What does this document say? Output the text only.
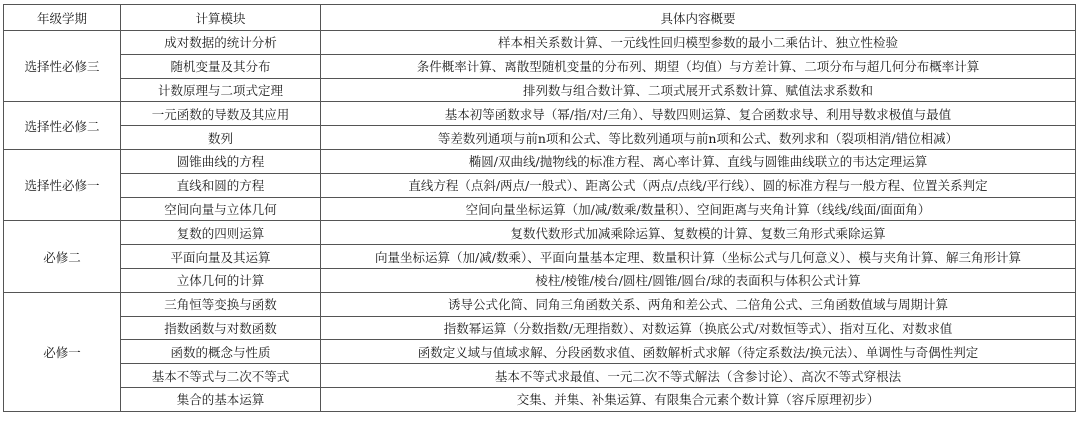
年级学期	计算模块	具体内容概要
选择性必修三	成对数据的统计分析	样本相关系数计算、一元线性回归模型参数的最小二乘估计、独立性检验
	随机变量及其分布	条件概率计算、离散型随机变量的分布列、期望（均值）与方差计算、二项分布与超几何分布概率计算
	计数原理与二项式定理	排列数与组合数计算、二项式展开式系数计算、赋值法求系数和
选择性必修二	一元函数的导数及其应用	基本初等函数求导（幂/指/对/三角）、导数四则运算、复合函数求导、利用导数求极值与最值
	数列	等差数列通项与前n项和公式、等比数列通项与前n项和公式、数列求和（裂项相消/错位相减）
选择性必修一	圆锥曲线的方程	椭圆/双曲线/抛物线的标准方程、离心率计算、直线与圆锥曲线联立的韦达定理运算
	直线和圆的方程	直线方程（点斜/两点/一般式）、距离公式（两点/点线/平行线）、圆的标准方程与一般方程、位置关系判定
	空间向量与立体几何	空间向量坐标运算（加/减/数乘/数量积）、空间距离与夹角计算（线线/线面/面面角）
必修二	复数的四则运算	复数代数形式加减乘除运算、复数模的计算、复数三角形式乘除运算
	平面向量及其运算	向量坐标运算（加/减/数乘）、平面向量基本定理、数量积计算（坐标公式与几何意义）、模与夹角计算、解三角形计算
	立体几何的计算	棱柱/棱锥/棱台/圆柱/圆锥/圆台/球的表面积与体积公式计算
必修一	三角恒等变换与函数	诱导公式化简、同角三角函数关系、两角和差公式、二倍角公式、三角函数值域与周期计算
	指数函数与对数函数	指数幂运算（分数指数/无理指数）、对数运算（换底公式/对数恒等式）、指对互化、对数求值
	函数的概念与性质	函数定义域与值域求解、分段函数求值、函数解析式求解（待定系数法/换元法）、单调性与奇偶性判定
	基本不等式与二次不等式	基本不等式求最值、一元二次不等式解法（含参讨论）、高次不等式穿根法
	集合的基本运算	交集、并集、补集运算、有限集合元素个数计算（容斥原理初步）
